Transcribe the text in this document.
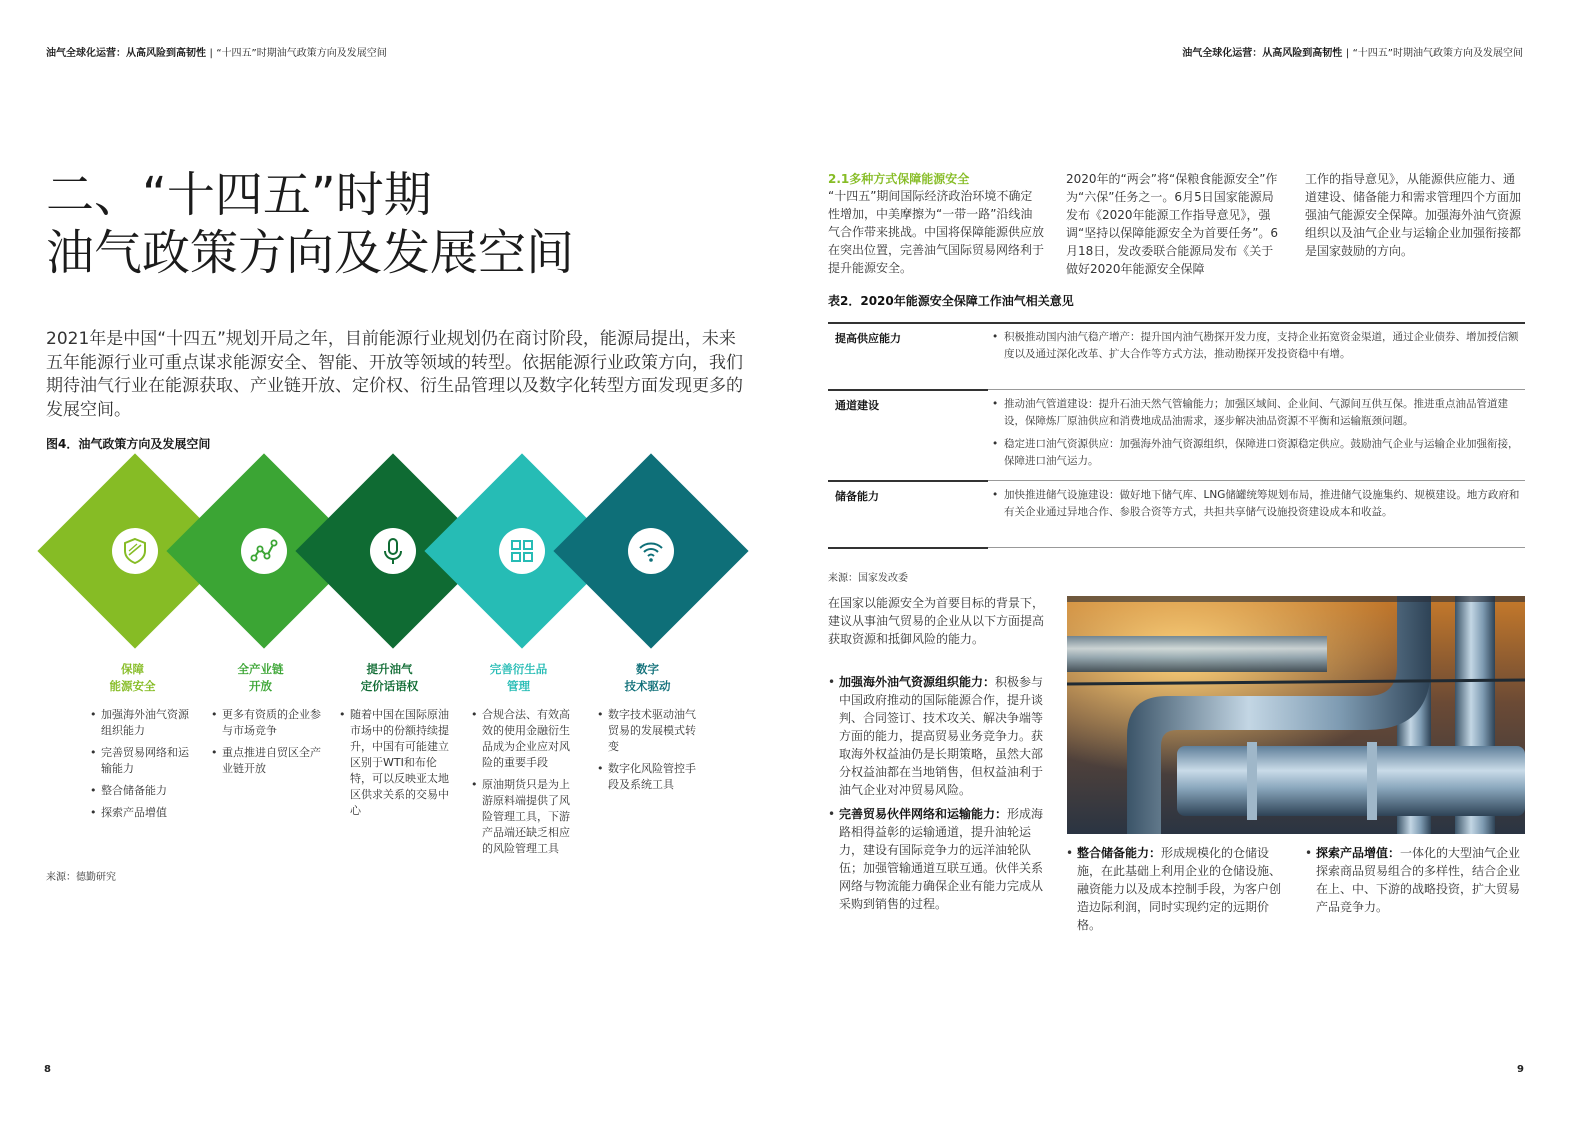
油气全球化运营：从高风险到高韧性 | “十四五”时期油气政策方向及发展空间	油气全球化运营：从高风险到高韧性 | “十四五”时期油气政策方向及发展空间
二、“十四五”时期
油气政策方向及发展空间
2021年是中国“十四五”规划开局之年，目前能源行业规划仍在商讨阶段，能源局提出，未来五年能源行业可重点谋求能源安全、智能、开放等领域的转型。依据能源行业政策方向，我们期待油气行业在能源获取、产业链开放、定价权、衍生品管理以及数字化转型方面发现更多的发展空间。
图4．油气政策方向及发展空间
保障
能源安全
全产业链
开放
提升油气
定价话语权
完善衍生品
管理
数字
技术驱动
• 加强海外油气资源组织能力
• 完善贸易网络和运输能力
• 整合储备能力
• 探索产品增值
• 更多有资质的企业参与市场竞争
• 重点推进自贸区全产业链开放
• 随着中国在国际原油市场中的份额持续提升，中国有可能建立区别于WTI和布伦特，可以反映亚太地区供求关系的交易中心
• 合规合法、有效高效的使用金融衍生品成为企业应对风险的重要手段
• 原油期货只是为上游原料端提供了风险管理工具，下游产品端还缺乏相应的风险管理工具
• 数字技术驱动油气贸易的发展模式转变
• 数字化风险管控手段及系统工具
来源：德勤研究
8	9
2.1多种方式保障能源安全
“十四五”期间国际经济政治环境不确定性增加，中美摩擦为“一带一路”沿线油气合作带来挑战。中国将保障能源供应放在突出位置，完善油气国际贸易网络利于提升能源安全。
2020年的“两会”将“保粮食能源安全”作为“六保”任务之一。6月5日国家能源局发布《2020年能源工作指导意见》，强调“坚持以保障能源安全为首要任务”。6月18日，发改委联合能源局发布《关于做好2020年能源安全保障
工作的指导意见》，从能源供应能力、通道建设、储备能力和需求管理四个方面加强油气能源安全保障。加强海外油气资源组织以及油气企业与运输企业加强衔接都是国家鼓励的方向。
表2．2020年能源安全保障工作油气相关意见
提高供应能力	• 积极推动国内油气稳产增产：提升国内油气勘探开发力度，支持企业拓宽资金渠道，通过企业债券、增加授信额度以及通过深化改革、扩大合作等方式方法，推动勘探开发投资稳中有增。
通道建设	• 推动油气管道建设：提升石油天然气管输能力；加强区域间、企业间、气源间互供互保。推进重点油品管道建设，保障炼厂原油供应和消费地成品油需求，逐步解决油品资源不平衡和运输瓶颈问题。
• 稳定进口油气资源供应：加强海外油气资源组织，保障进口资源稳定供应。鼓励油气企业与运输企业加强衔接，保障进口油气运力。
储备能力	• 加快推进储气设施建设：做好地下储气库、LNG储罐统筹规划布局，推进储气设施集约、规模建设。地方政府和有关企业通过异地合作、参股合资等方式，共担共享储气设施投资建设成本和收益。
来源：国家发改委
在国家以能源安全为首要目标的背景下，建议从事油气贸易的企业从以下方面提高获取资源和抵御风险的能力。
• 加强海外油气资源组织能力：积极参与中国政府推动的国际能源合作，提升谈判、合同签订、技术攻关、解决争端等方面的能力，提高贸易业务竞争力。获取海外权益油仍是长期策略，虽然大部分权益油都在当地销售，但权益油利于油气企业对冲贸易风险。
• 完善贸易伙伴网络和运输能力：形成海路相得益彰的运输通道，提升油轮运力，建设有国际竞争力的远洋油轮队伍；加强管输通道互联互通。伙伴关系网络与物流能力确保企业有能力完成从采购到销售的过程。
• 整合储备能力：形成规模化的仓储设施，在此基础上利用企业的仓储设施、融资能力以及成本控制手段，为客户创造边际利润，同时实现约定的远期价格。
• 探索产品增值：一体化的大型油气企业探索商品贸易组合的多样性，结合企业在上、中、下游的战略投资，扩大贸易产品竞争力。
